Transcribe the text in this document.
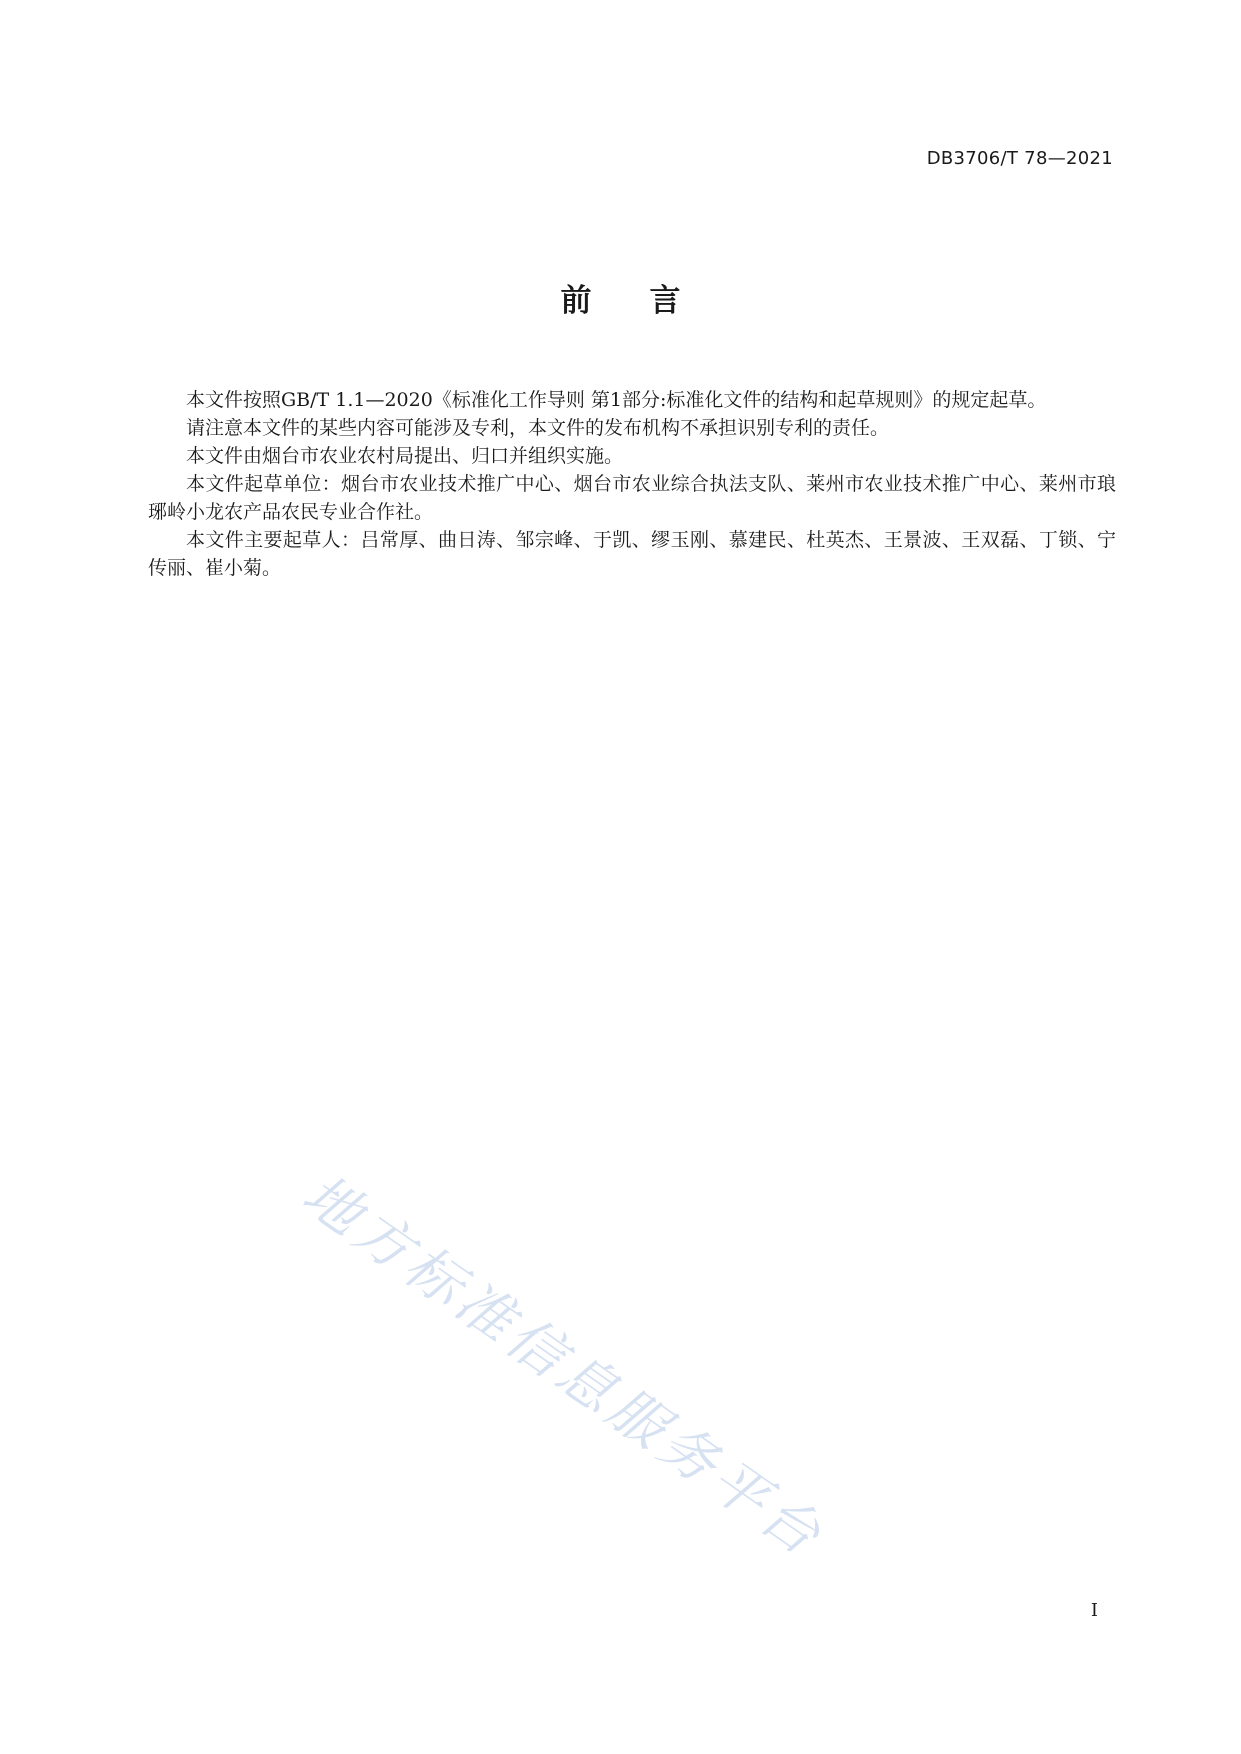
DB3706/T 78—2021
前言

本文件按照GB/T 1.1—2020《标准化工作导则 第1部分:标准化文件的结构和起草规则》的规定起草。

请注意本文件的某些内容可能涉及专利，本文件的发布机构不承担识别专利的责任。

本文件由烟台市农业农村局提出、归口并组织实施。

本文件起草单位：烟台市农业技术推广中心、烟台市农业综合执法支队、莱州市农业技术推广中心、莱州市琅琊岭小龙农产品农民专业合作社。

本文件主要起草人：吕常厚、曲日涛、邹宗峰、于凯、缪玉刚、慕建民、杜英杰、王景波、王双磊、丁锁、宁传丽、崔小菊。

地方标准信息服务平台
I
